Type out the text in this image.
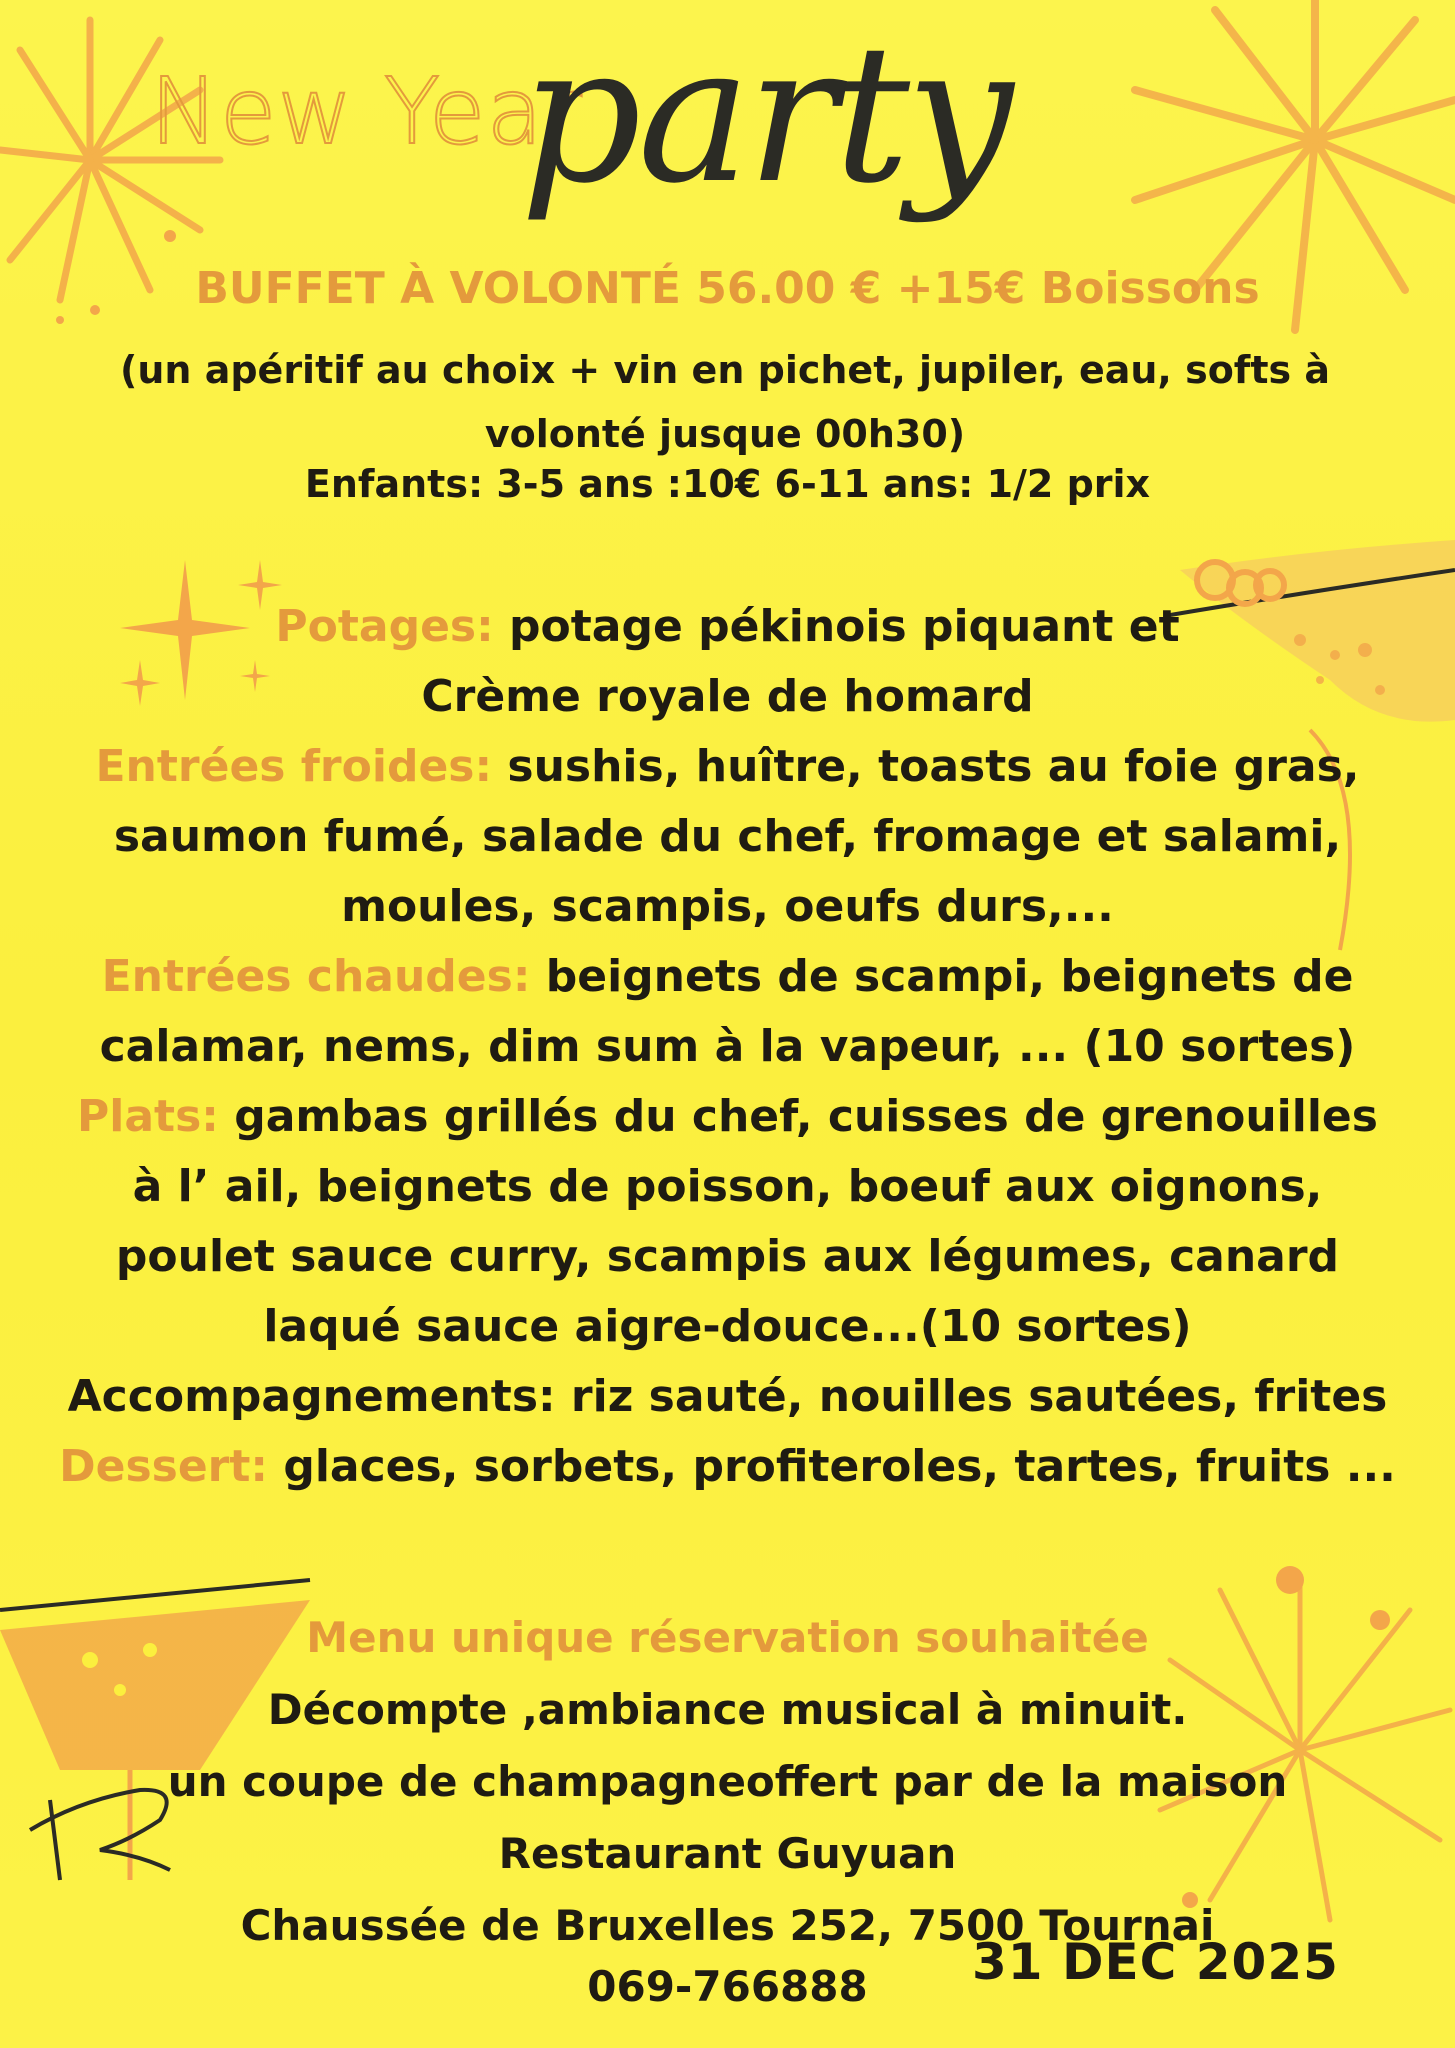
New Year
party
BUFFET À VOLONTÉ 56.00 € +15€ Boissons
(un apéritif au choix + vin en pichet, jupiler, eau, softs à volonté jusque 00h30)
Enfants: 3-5 ans :10€ 6-11 ans: 1/2 prix

Potages: potage pékinois piquant et

Crème royale de homard

Entrées froides: sushis, huître, toasts au foie gras,

saumon fumé, salade du chef, fromage et salami,

moules, scampis, oeufs durs,...

Entrées chaudes: beignets de scampi, beignets de

calamar, nems, dim sum à la vapeur, ... (10 sortes)

Plats: gambas grillés du chef, cuisses de grenouilles

à l’ ail, beignets de poisson, boeuf aux oignons,

poulet sauce curry, scampis aux légumes, canard

laqué sauce aigre-douce...(10 sortes)

Accompagnements: riz sauté, nouilles sautées, frites

Dessert: glaces, sorbets, profiteroles, tartes, fruits ...

Menu unique réservation souhaitée

Décompte ,ambiance musical à minuit.

un coupe de champagneoffert par de la maison

Restaurant Guyuan

Chaussée de Bruxelles 252, 7500 Tournai

069-766888	31 DEC 2025
